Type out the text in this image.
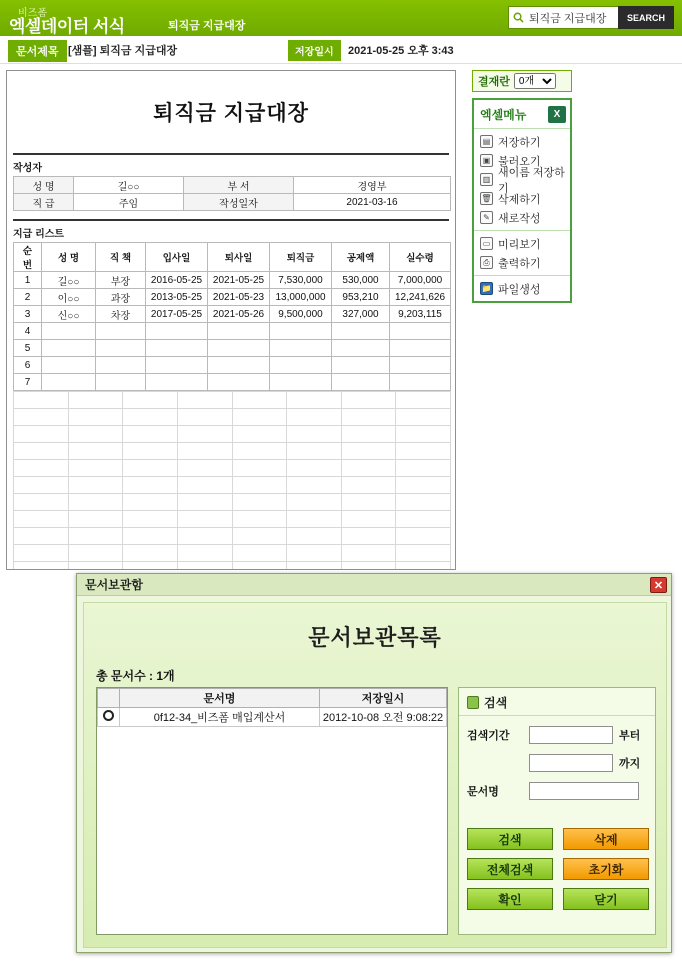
비즈폼
엑셀데이터 서식	퇴직금 지급대장
퇴직금 지급대장
SEARCH
문서제목 [샘플] 퇴직금 지급대장	저장일시	2021-05-25 오후 3:43
퇴직금 지급대장
작성자
성 명	길○○	부 서	경영부
직 급	주임	작성일자	2021-03-16
지급 리스트
순 번	성 명	직 책	입사일	퇴사일	퇴직금	공제액	실수령
1	길○○	부장	2016-05-25	2021-05-25	7,530,000	530,000	7,000,000
2	이○○	과장	2013-05-25	2021-05-23	13,000,000	953,210	12,241,626
3	신○○	차장	2017-05-25	2021-05-26	9,500,000	327,000	9,203,115
4							
5							
6							
7							

결재란
0개
엑셀메뉴	X
▤ 저장하기
▣ 불러오기
▥
새이름 저장하기
🗑 삭제하기
✎ 새로작성
▭ 미리보기
⎙ 출력하기
📁 파일생성
문서보관함	✕
문서보관목록
총 문서수 : 1개
	문서명	저장일시
	0f12-34_비즈폼 매입계산서	2012-10-08 오전 9:08:22
검색
검색기간	부터
까지
문서명
검색	삭제
전체검색	초기화
확인	닫기
